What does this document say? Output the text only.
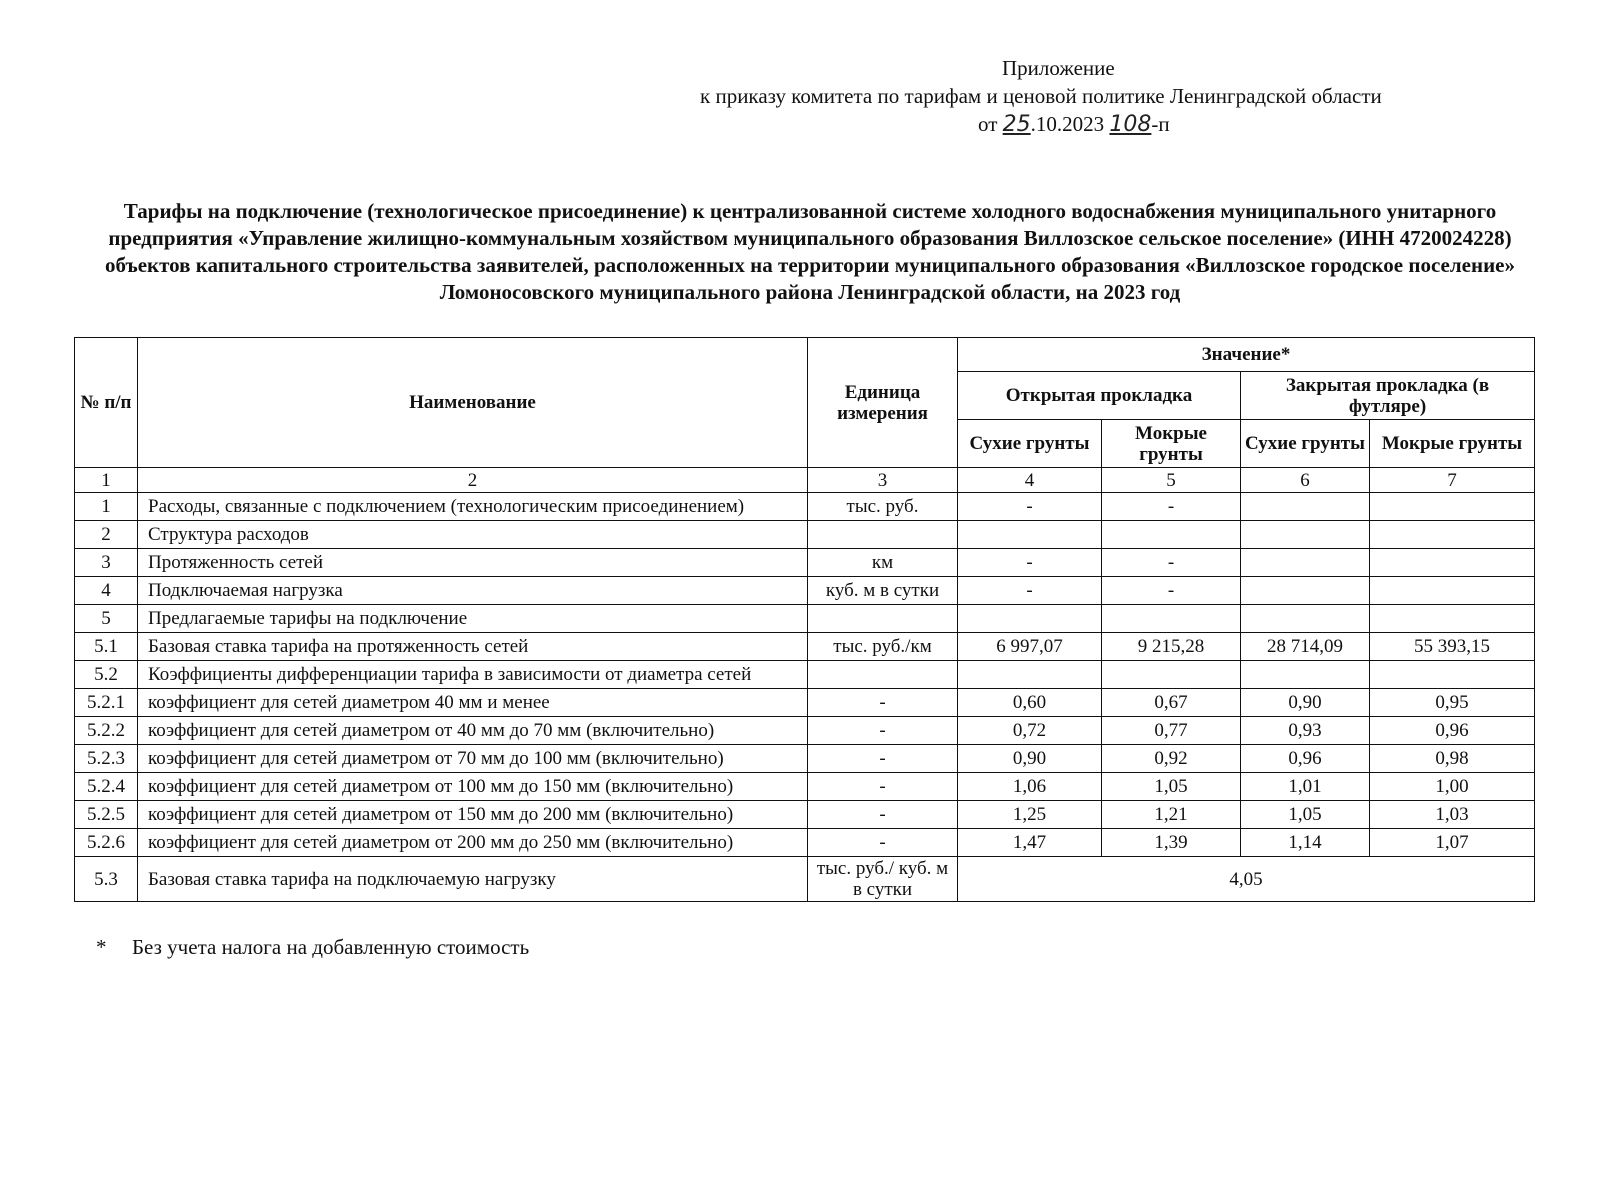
Приложение
к приказу комитета по тарифам и ценовой политике Ленинградской области
от 25.10.2023 108-п
Тарифы на подключение (технологическое присоединение) к централизованной системе холодного водоснабжения муниципального унитарного предприятия «Управление жилищно-коммунальным хозяйством муниципального образования Виллозское сельское поселение» (ИНН 4720024228) объектов капитального строительства заявителей, расположенных на территории муниципального образования «Виллозское городское поселение» Ломоносовского муниципального района Ленинградской области, на 2023 год
№ п/п	Наименование	Единица измерения	Значение*			
			Открытая прокладка		Закрытая прокладка (в футляре)	
			Сухие грунты	Мокрые грунты	Сухие грунты	Мокрые грунты
1	2	3	4	5	6	7
1	Расходы, связанные с подключением (технологическим присоединением)	тыс. руб.	-	-		
2	Структура расходов					
3	Протяженность сетей	км	-	-		
4	Подключаемая нагрузка	куб. м в сутки	-	-		
5	Предлагаемые тарифы на подключение					
5.1	Базовая ставка тарифа на протяженность сетей	тыс. руб./км	6 997,07	9 215,28	28 714,09	55 393,15
5.2	Коэффициенты дифференциации тарифа в зависимости от диаметра сетей					
5.2.1	коэффициент для сетей диаметром 40 мм и менее	-	0,60	0,67	0,90	0,95
5.2.2	коэффициент для сетей диаметром от 40 мм до 70 мм (включительно)	-	0,72	0,77	0,93	0,96
5.2.3	коэффициент для сетей диаметром от 70 мм до 100 мм (включительно)	-	0,90	0,92	0,96	0,98
5.2.4	коэффициент для сетей диаметром от 100 мм до 150 мм (включительно)	-	1,06	1,05	1,01	1,00
5.2.5	коэффициент для сетей диаметром от 150 мм до 200 мм (включительно)	-	1,25	1,21	1,05	1,03
5.2.6	коэффициент для сетей диаметром от 200 мм до 250 мм (включительно)	-	1,47	1,39	1,14	1,07
5.3	Базовая ставка тарифа на подключаемую нагрузку	тыс. руб./ куб. м в сутки	4,05			
* Без учета налога на добавленную стоимость
